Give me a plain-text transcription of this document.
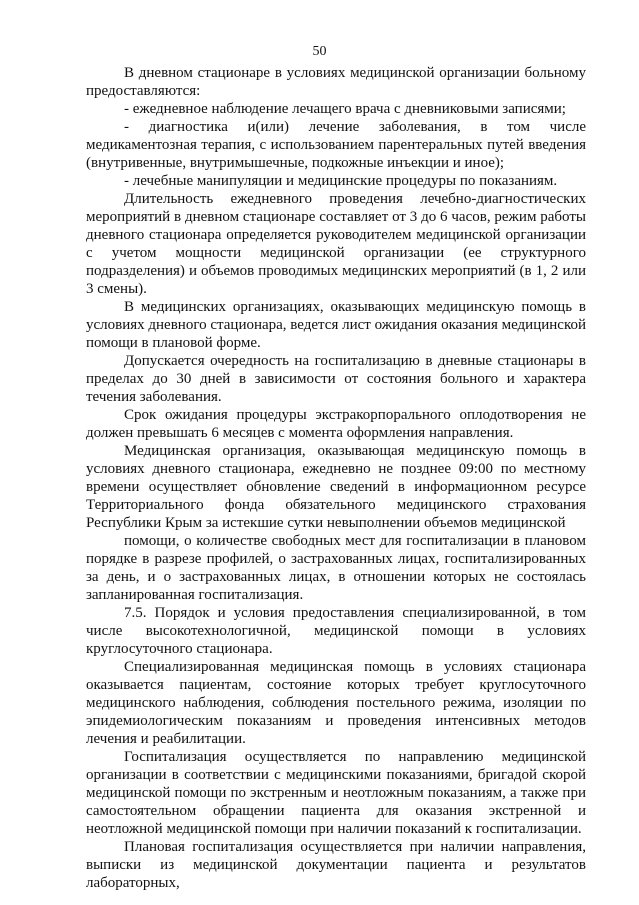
50

В дневном стационаре в условиях медицинской организации больному предоставляются:

- ежедневное наблюдение лечащего врача с дневниковыми записями;

- диагностика и(или) лечение заболевания, в том числе медикаментозная терапия, с использованием парентеральных путей введения (внутривенные, внутримышечные, подкожные инъекции и иное);

- лечебные манипуляции и медицинские процедуры по показаниям.

Длительность ежедневного проведения лечебно-диагностических мероприятий в дневном стационаре составляет от 3 до 6 часов, режим работы дневного стационара определяется руководителем медицинской организации с учетом мощности медицинской организации (ее структурного подразделения) и объемов проводимых медицинских мероприятий (в 1, 2 или 3 смены).

В медицинских организациях, оказывающих медицинскую помощь в условиях дневного стационара, ведется лист ожидания оказания медицинской помощи в плановой форме.

Допускается очередность на госпитализацию в дневные стационары в пределах до 30 дней в зависимости от состояния больного и характера течения заболевания.

Срок ожидания процедуры экстракорпорального оплодотворения не должен превышать 6 месяцев с момента оформления направления.

Медицинская организация, оказывающая медицинскую помощь в условиях дневного стационара, ежедневно не позднее 09:00 по местному времени осуществляет обновление сведений в информационном ресурсе Территориального фонда обязательного медицинского страхования Республики Крым за истекшие сутки невыполнении объемов медицинской

помощи, о количестве свободных мест для госпитализации в плановом порядке в разрезе профилей, о застрахованных лицах, госпитализированных за день, и о застрахованных лицах, в отношении которых не состоялась запланированная госпитализация.

7.5. Порядок и условия предоставления специализированной, в том числе высокотехнологичной, медицинской помощи в условиях круглосуточного стационара.

Специализированная медицинская помощь в условиях стационара оказывается пациентам, состояние которых требует круглосуточного медицинского наблюдения, соблюдения постельного режима, изоляции по эпидемиологическим показаниям и проведения интенсивных методов лечения и реабилитации.

Госпитализация осуществляется по направлению медицинской организации в соответствии с медицинскими показаниями, бригадой скорой медицинской помощи по экстренным и неотложным показаниям, а также при самостоятельном обращении пациента для оказания экстренной и неотложной медицинской помощи при наличии показаний к госпитализации.

Плановая госпитализация осуществляется при наличии направления, выписки из медицинской документации пациента и результатов лабораторных,
